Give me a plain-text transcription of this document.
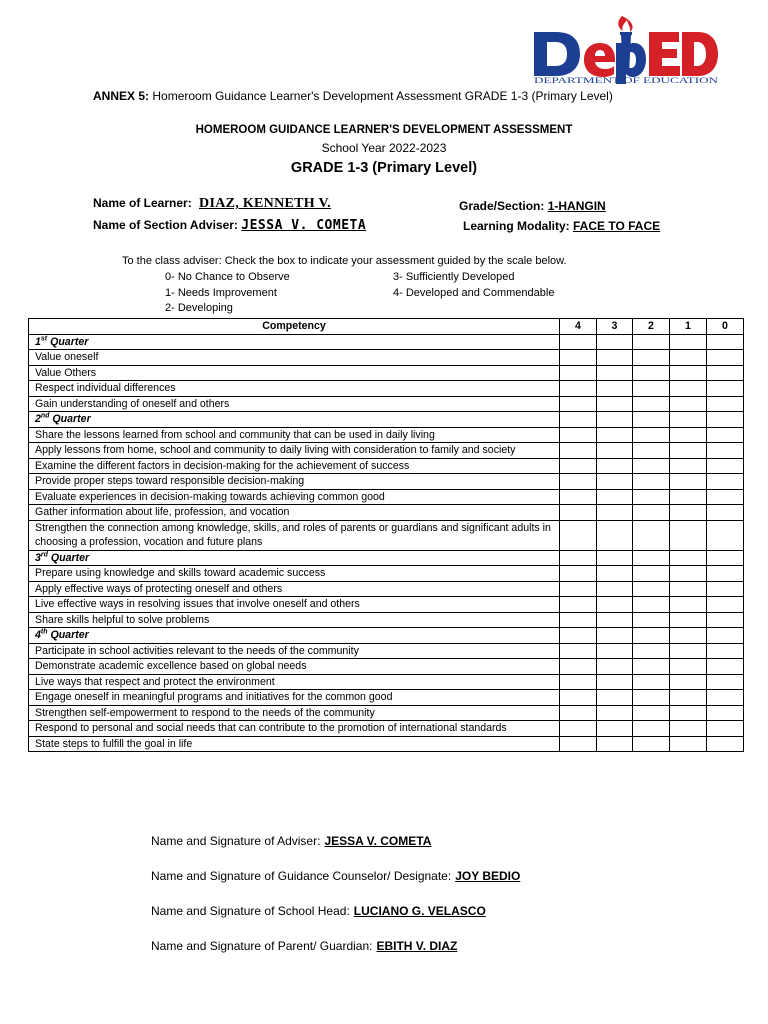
DEPARTMENT OF EDUCATION
ANNEX 5: Homeroom Guidance Learner's Development Assessment GRADE 1-3 (Primary Level)
HOMEROOM GUIDANCE LEARNER'S DEVELOPMENT ASSESSMENT
School Year 2022-2023
GRADE 1-3 (Primary Level)
Name of Learner: DIAZ, KENNETH V.	Grade/Section: 1-HANGIN
Name of Section Adviser: JESSA V. COMETA	Learning Modality: FACE TO FACE
To the class adviser: Check the box to indicate your assessment guided by the scale below.
0- No Chance to Observe
1- Needs Improvement
2- Developing
3- Sufficiently Developed
4- Developed and Commendable
Competency	4	3	2	1	0
1st Quarter					
Value oneself					
Value Others					
Respect individual differences					
Gain understanding of oneself and others					
2nd Quarter					
Share the lessons learned from school and community that can be used in daily living					
Apply lessons from home, school and community to daily living with consideration to family and society					
Examine the different factors in decision-making for the achievement of success					
Provide proper steps toward responsible decision-making					
Evaluate experiences in decision-making towards achieving common good					
Gather information about life, profession, and vocation					
Strengthen the connection among knowledge, skills, and roles of parents or guardians and significant adults in choosing a profession, vocation and future plans					
3rd Quarter					
Prepare using knowledge and skills toward academic success					
Apply effective ways of protecting oneself and others					
Live effective ways in resolving issues that involve oneself and others					
Share skills helpful to solve problems					
4th Quarter					
Participate in school activities relevant to the needs of the community					
Demonstrate academic excellence based on global needs					
Live ways that respect and protect the environment					
Engage oneself in meaningful programs and initiatives for the common good					
Strengthen self-empowerment to respond to the needs of the community					
Respond to personal and social needs that can contribute to the promotion of international standards					
State steps to fulfill the goal in life					
Name and Signature of Adviser: JESSA V. COMETA
Name and Signature of Guidance Counselor/ Designate: JOY BEDIO
Name and Signature of School Head: LUCIANO G. VELASCO
Name and Signature of Parent/ Guardian: EBITH V. DIAZ
